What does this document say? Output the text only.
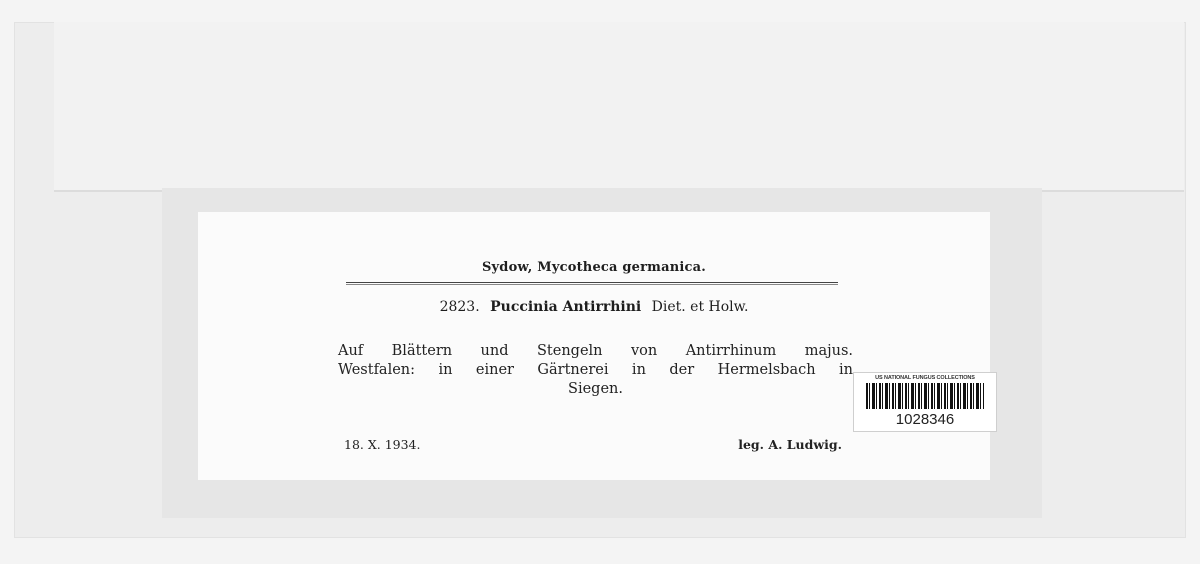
Sydow, Mycotheca germanica.
2823. Puccinia Antirrhini Diet. et Holw.
Auf Blättern und Stengeln von Antirrhinum majus.
Westfalen: in einer Gärtnerei in der Hermelsbach in
Siegen.
18. X. 1934.	leg. A. Ludwig.
US NATIONAL FUNGUS COLLECTIONS
1028346
